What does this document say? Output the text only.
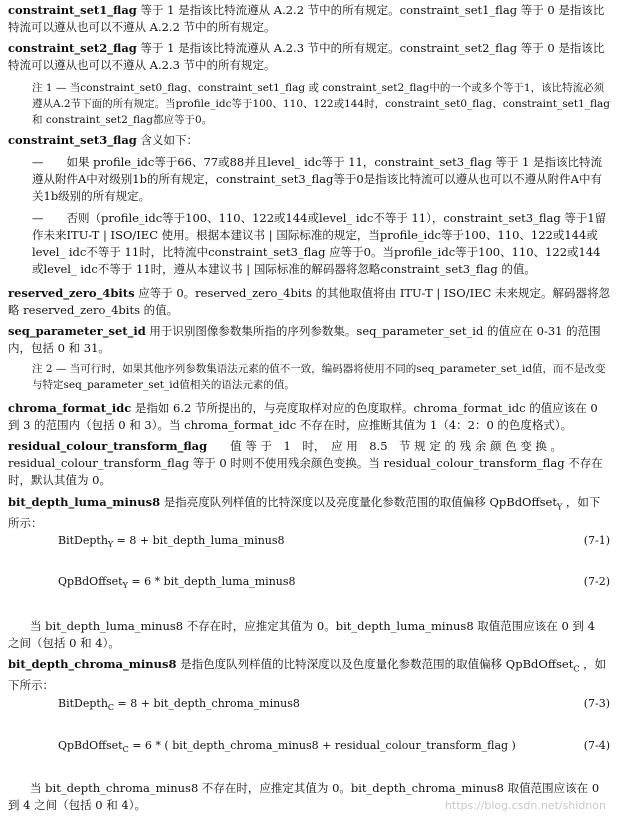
constraint_set1_flag 等于 1 是指该比特流遵从 A.2.2 节中的所有规定。constraint_set1_flag 等于 0 是指该比特流可以遵从也可以不遵从 A.2.2 节中的所有规定。

constraint_set2_flag 等于 1 是指该比特流遵从 A.2.3 节中的所有规定。constraint_set2_flag 等于 0 是指该比特流可以遵从也可以不遵从 A.2.3 节中的所有规定。

注 1 — 当constraint_set0_flag、constraint_set1_flag 或 constraint_set2_flag中的一个或多个等于1，该比特流必须遵从A.2节下面的所有规定。当profile_idc等于100、110、122或144时，constraint_set0_flag、constraint_set1_flag 和 constraint_set2_flag都应等于0。

constraint_set3_flag 含义如下：

—　　如果 profile_idc等于66、77或88并且level_ idc等于 11，constraint_set3_flag 等于 1 是指该比特流遵从附件A中对级别1b的所有规定，constraint_set3_flag等于0是指该比特流可以遵从也可以不遵从附件A中有关1b级别的所有规定。

—　　否则（profile_idc等于100、110、122或144或level_ idc不等于 11），constraint_set3_flag 等于1留作未来ITU-T | ISO/IEC 使用。根据本建议书 | 国际标准的规定，当profile_idc等于100、110、122或144或level_ idc不等于 11时，比特流中constraint_set3_flag 应等于0。当profile_idc等于100、110、122或144或level_ idc不等于 11时，遵从本建议书 | 国际标准的解码器将忽略constraint_set3_flag 的值。

reserved_zero_4bits 应等于 0。reserved_zero_4bits 的其他取值将由 ITU-T | ISO/IEC 未来规定。解码器将忽略 reserved_zero_4bits 的值。

seq_parameter_set_id 用于识别图像参数集所指的序列参数集。seq_parameter_set_id 的值应在 0-31 的范围内，包括 0 和 31。

注 2 — 当可行时，如果其他序列参数集语法元素的值不一致，编码器将使用不同的seq_parameter_set_id值，而不是改变与特定seq_parameter_set_id值相关的语法元素的值。

chroma_format_idc 是指如 6.2 节所提出的，与亮度取样对应的色度取样。chroma_format_idc 的值应该在 0 到 3 的范围内（包括 0 和 3）。当 chroma_format_idc 不存在时，应推断其值为 1（4：2：0 的色度格式）。

residual_colour_transform_flag　　值 等 于　1　时，　应 用　8.5　节 规 定 的 残 余 颜 色 变 换 。residual_colour_transform_flag 等于 0 时则不使用残余颜色变换。当 residual_colour_transform_flag 不存在时，默认其值为 0。

bit_depth_luma_minus8 是指亮度队列样值的比特深度以及亮度量化参数范围的取值偏移 QpBdOffset$_Y$ ，如下所示：

BitDepth$_Y$ = 8 + bit_depth_luma_minus8	(7-1)
QpBdOffset$_Y$ = 6 * bit_depth_luma_minus8	(7-2)

当 bit_depth_luma_minus8 不存在时，应推定其值为 0。bit_depth_luma_minus8 取值范围应该在 0 到 4 之间（包括 0 和 4）。

bit_depth_chroma_minus8 是指色度队列样值的比特深度以及色度量化参数范围的取值偏移 QpBdOffset$_C$ ，如下所示：

BitDepth$_C$ = 8 + bit_depth_chroma_minus8	(7-3)
QpBdOffset$_C$ = 6 * ( bit_depth_chroma_minus8 + residual_colour_transform_flag )	(7-4)

当 bit_depth_chroma_minus8 不存在时，应推定其值为 0。bit_depth_chroma_minus8 取值范围应该在 0 到 4 之间（包括 0 和 4）。	https://blog.csdn.net/shidnon
